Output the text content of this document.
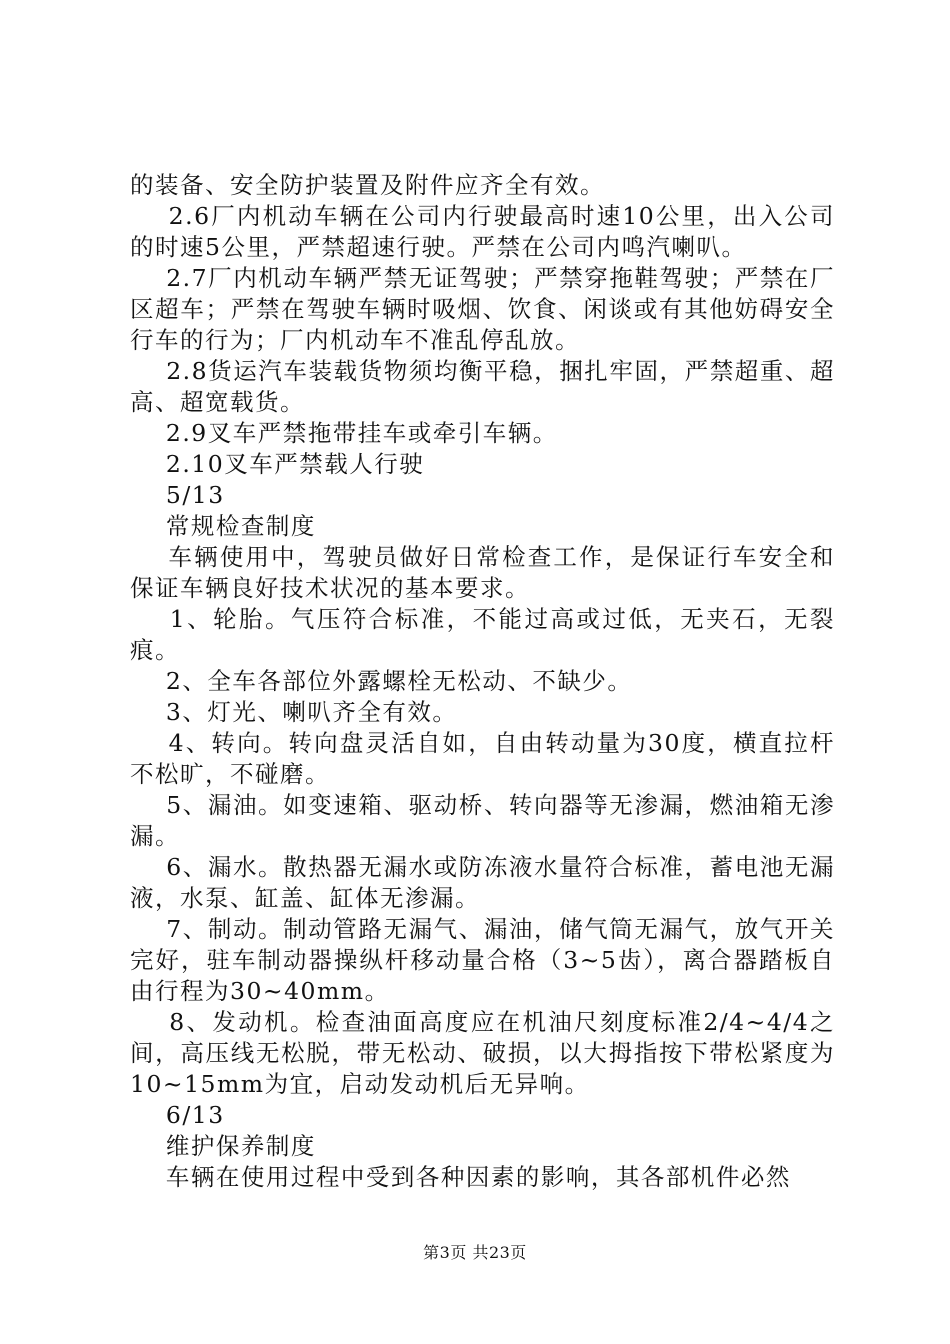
的装备、安全防护装置及附件应齐全有效。

2.6厂内机动车辆在公司内行驶最高时速10公里，出入公司的时速5公里，严禁超速行驶。严禁在公司内鸣汽喇叭。

2.7厂内机动车辆严禁无证驾驶；严禁穿拖鞋驾驶；严禁在厂区超车；严禁在驾驶车辆时吸烟、饮食、闲谈或有其他妨碍安全行车的行为；厂内机动车不准乱停乱放。

2.8货运汽车装载货物须均衡平稳，捆扎牢固，严禁超重、超高、超宽载货。

2.9叉车严禁拖带挂车或牵引车辆。

2.10叉车严禁载人行驶

5/13

常规检查制度

车辆使用中，驾驶员做好日常检查工作，是保证行车安全和保证车辆良好技术状况的基本要求。

1、轮胎。气压符合标准，不能过高或过低，无夹石，无裂痕。

2、全车各部位外露螺栓无松动、不缺少。

3、灯光、喇叭齐全有效。

4、转向。转向盘灵活自如，自由转动量为30度，横直拉杆不松旷，不碰磨。

5、漏油。如变速箱、驱动桥、转向器等无渗漏，燃油箱无渗漏。

6、漏水。散热器无漏水或防冻液水量符合标准，蓄电池无漏液，水泵、缸盖、缸体无渗漏。

7、制动。制动管路无漏气、漏油，储气筒无漏气，放气开关完好，驻车制动器操纵杆移动量合格（3~5齿），离合器踏板自由行程为30~40mm。

8、发动机。检查油面高度应在机油尺刻度标准2/4~4/4之间，高压线无松脱，带无松动、破损，以大拇指按下带松紧度为10~15mm为宜，启动发动机后无异响。

6/13

维护保养制度

车辆在使用过程中受到各种因素的影响，其各部机件必然

第3页 共23页
